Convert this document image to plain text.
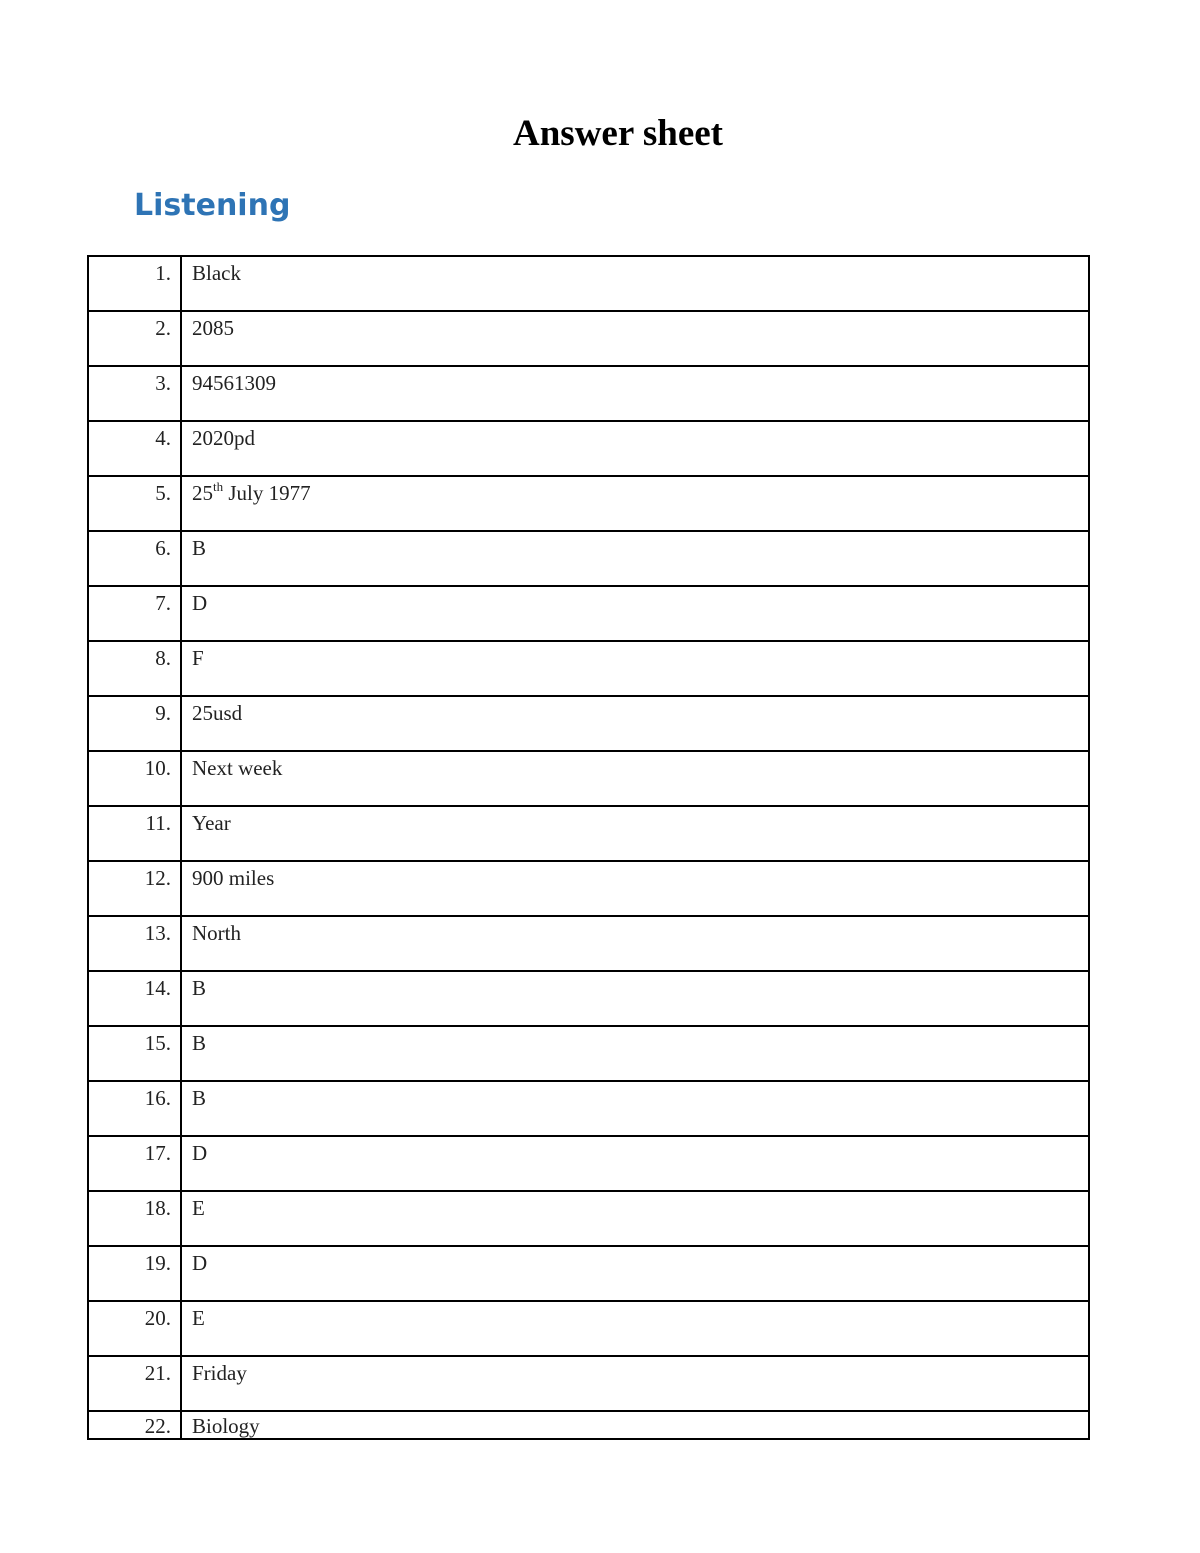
Answer sheet
Listening
1.	Black
2.	2085
3.	94561309
4.	2020pd
5.	25th July 1977
6.	B
7.	D
8.	F
9.	25usd
10.	Next week
11.	Year
12.	900 miles
13.	North
14.	B
15.	B
16.	B
17.	D
18.	E
19.	D
20.	E
21.	Friday
22.	Biology
